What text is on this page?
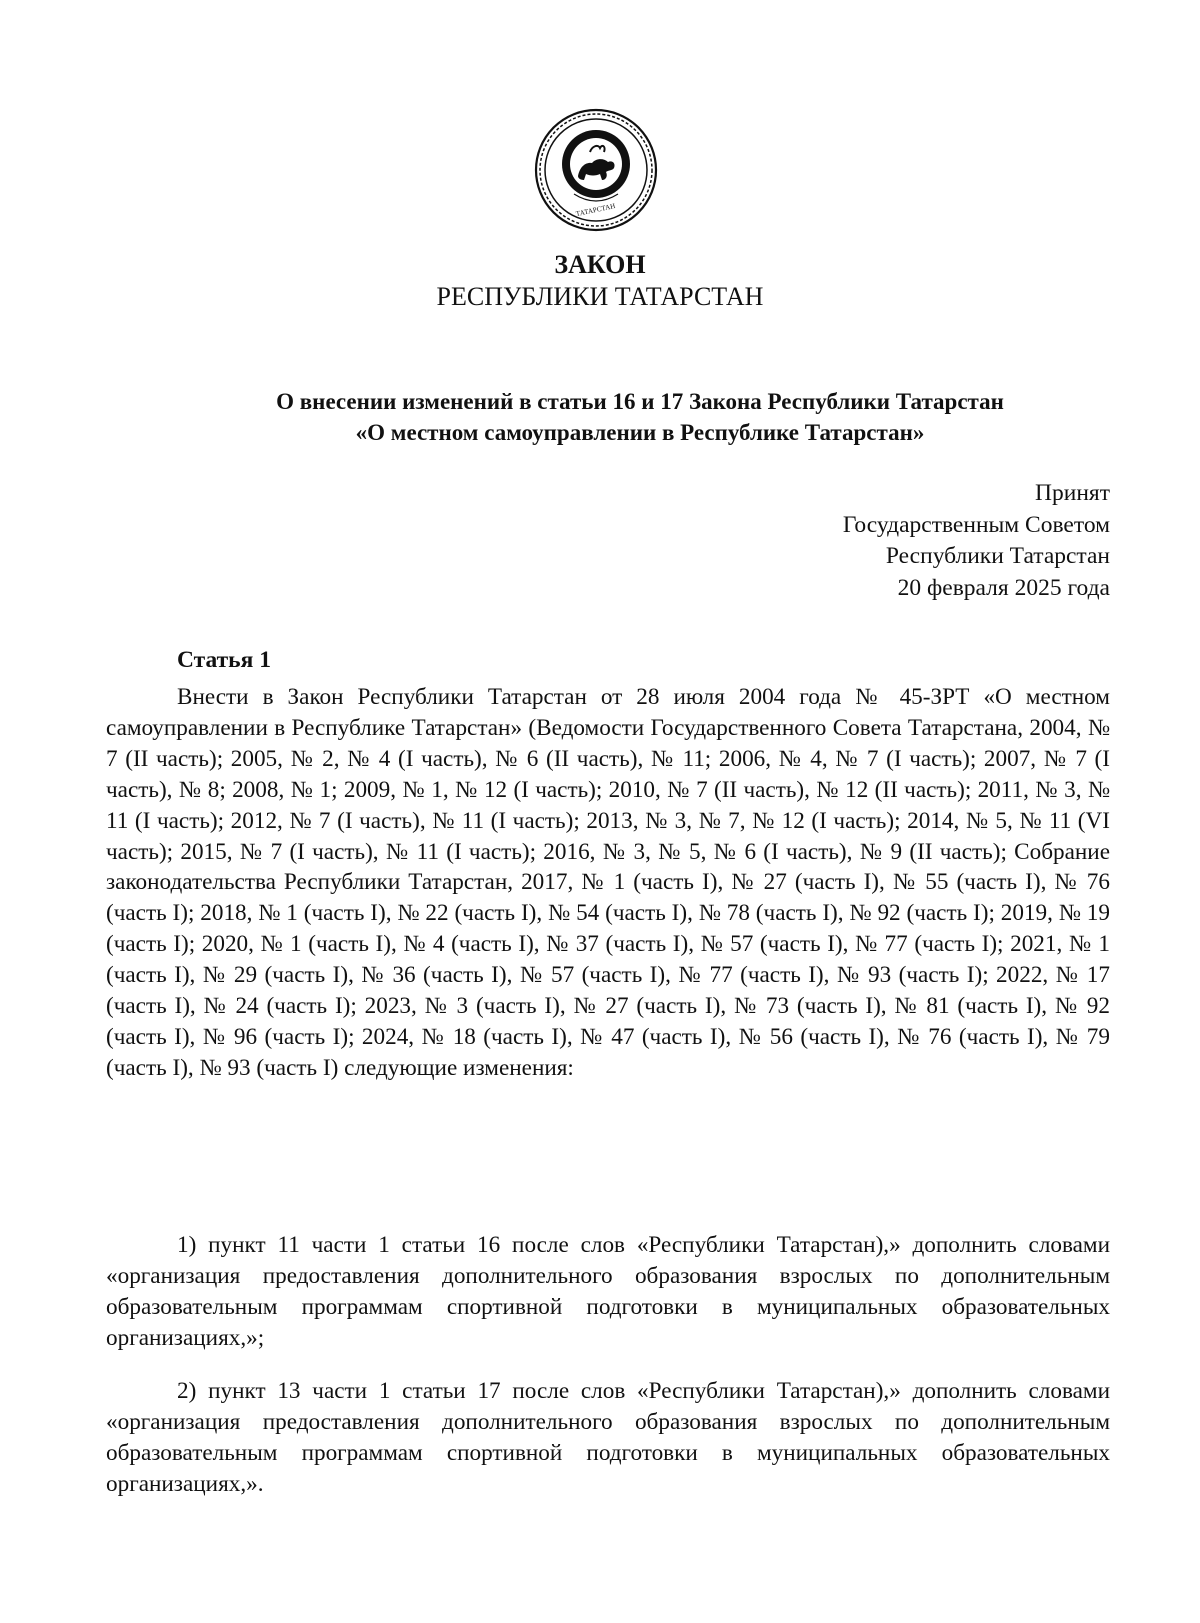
ТАТАРСТАН
ЗАКОН
РЕСПУБЛИКИ ТАТАРСТАН
О внесении изменений в статьи 16 и 17 Закона Республики Татарстан
«О местном самоуправлении в Республике Татарстан»
Принят
Государственным Советом
Республики Татарстан
20 февраля 2025 года
Статья 1

Внести в Закон Республики Татарстан от 28 июля 2004 года № 45-ЗРТ «О местном самоуправлении в Республике Татарстан» (Ведомости Государственного Совета Татарстана, 2004, № 7 (II часть); 2005, № 2, № 4 (I часть), № 6 (II часть), № 11; 2006, № 4, № 7 (I часть); 2007, № 7 (I часть), № 8; 2008, № 1; 2009, № 1, № 12 (I часть); 2010, № 7 (II часть), № 12 (II часть); 2011, № 3, № 11 (I часть); 2012, № 7 (I часть), № 11 (I часть); 2013, № 3, № 7, № 12 (I часть); 2014, № 5, № 11 (VI часть); 2015, № 7 (I часть), № 11 (I часть); 2016, № 3, № 5, № 6 (I часть), № 9 (II часть); Собрание законодательства Республики Татарстан, 2017, № 1 (часть I), № 27 (часть I), № 55 (часть I), № 76 (часть I); 2018, № 1 (часть I), № 22 (часть I), № 54 (часть I), № 78 (часть I), № 92 (часть I); 2019, № 19 (часть I); 2020, № 1 (часть I), № 4 (часть I), № 37 (часть I), № 57 (часть I), № 77 (часть I); 2021, № 1 (часть I), № 29 (часть I), № 36 (часть I), № 57 (часть I), № 77 (часть I), № 93 (часть I); 2022, № 17 (часть I), № 24 (часть I); 2023, № 3 (часть I), № 27 (часть I), № 73 (часть I), № 81 (часть I), № 92 (часть I), № 96 (часть I); 2024, № 18 (часть I), № 47 (часть I), № 56 (часть I), № 76 (часть I), № 79 (часть I), № 93 (часть I) следующие изменения:

1) пункт 11 части 1 статьи 16 после слов «Республики Татарстан),» дополнить словами «организация предоставления дополнительного образования взрослых по дополнительным образовательным программам спортивной подготовки в муниципальных образовательных организациях,»;

2) пункт 13 части 1 статьи 17 после слов «Республики Татарстан),» дополнить словами «организация предоставления дополнительного образования взрослых по дополнительным образовательным программам спортивной подготовки в муниципальных образовательных организациях,».
